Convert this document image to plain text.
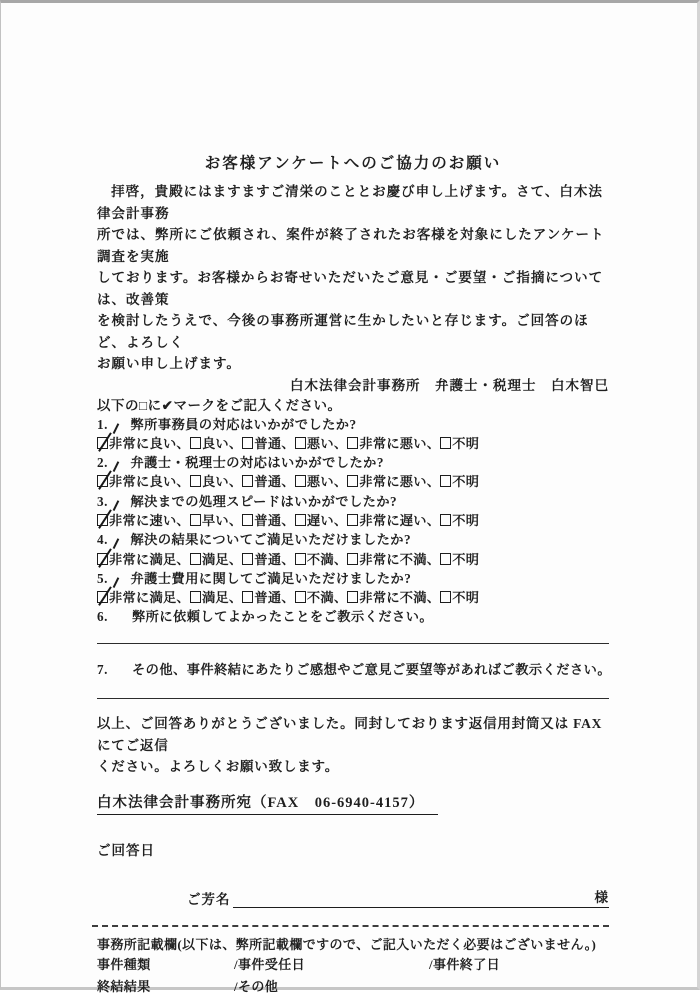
お客様アンケートへのご協力のお願い
拝啓，貴殿にはますますご清栄のこととお慶び申し上げます。さて、白木法律会計事務
所では、弊所にご依頼され、案件が終了されたお客様を対象にしたアンケート調査を実施
しております。お客様からお寄せいただいたご意見・ご要望・ご指摘については、改善策
を検討したうえで、今後の事務所運営に生かしたいと存じます。ご回答のほど、よろしく
お願い申し上げます。
白木法律会計事務所　弁護士・税理士　白木智巳
以下の□に✔マークをご記入ください。
1. 弊所事務員の対応はいかがでしたか?
非常に良い、 良い、 普通、 悪い、 非常に悪い、 不明
2. 弁護士・税理士の対応はいかがでしたか?
非常に良い、 良い、 普通、 悪い、 非常に悪い、 不明
3. 解決までの処理スピードはいかがでしたか?
非常に速い、 早い、 普通、 遅い、 非常に遅い、 不明
4. 解決の結果についてご満足いただけましたか?
非常に満足、 満足、 普通、 不満、 非常に不満、 不明
5. 弁護士費用に関してご満足いただけましたか?
非常に満足、 満足、 普通、 不満、 非常に不満、 不明
6. 弊所に依頼してよかったことをご教示ください。
7. その他、事件終結にあたりご感想やご意見ご要望等があればご教示ください。
以上、ご回答ありがとうございました。同封しております返信用封筒又は FAX にてご返信
ください。よろしくお願い致します。
白木法律会計事務所宛（FAX　06-6940-4157）
ご回答日
ご芳名	様
事務所記載欄(以下は、弊所記載欄ですので、ご記入いただく必要はございません。)
事件種類	/事件受任日	/事件終了日
終結結果	/その他
